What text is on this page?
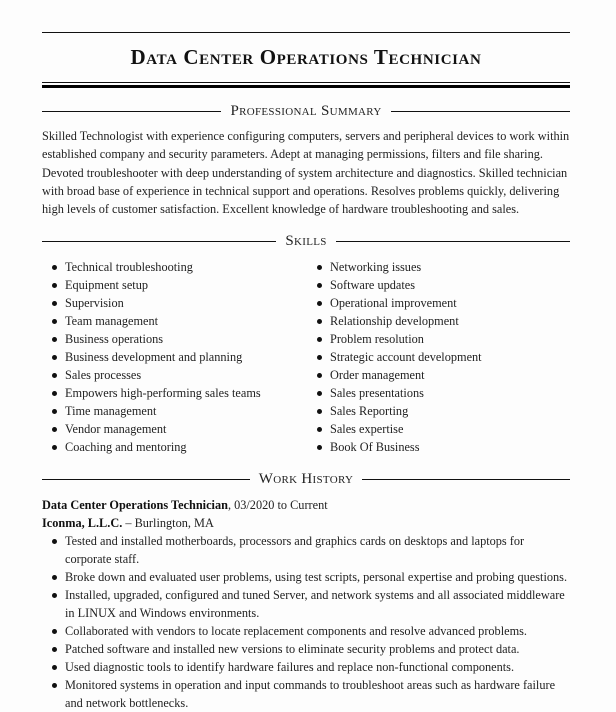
Data Center Operations Technician
Professional Summary
Skilled Technologist with experience configuring computers, servers and peripheral devices to work within established company and security parameters. Adept at managing permissions, filters and file sharing. Devoted troubleshooter with deep understanding of system architecture and diagnostics. Skilled technician with broad base of experience in technical support and operations. Resolves problems quickly, delivering high levels of customer satisfaction. Excellent knowledge of hardware troubleshooting and sales.
Skills
Technical troubleshooting
Equipment setup
Supervision
Team management
Business operations
Business development and planning
Sales processes
Empowers high-performing sales teams
Time management
Vendor management
Coaching and mentoring
Networking issues
Software updates
Operational improvement
Relationship development
Problem resolution
Strategic account development
Order management
Sales presentations
Sales Reporting
Sales expertise
Book Of Business
Work History
Data Center Operations Technician, 03/2020 to Current
Iconma, L.L.C. – Burlington, MA
Tested and installed motherboards, processors and graphics cards on desktops and laptops for corporate staff.
Broke down and evaluated user problems, using test scripts, personal expertise and probing questions.
Installed, upgraded, configured and tuned Server, and network systems and all associated middleware in LINUX and Windows environments.
Collaborated with vendors to locate replacement components and resolve advanced problems.
Patched software and installed new versions to eliminate security problems and protect data.
Used diagnostic tools to identify hardware failures and replace non-functional components.
Monitored systems in operation and input commands to troubleshoot areas such as hardware failure and network bottlenecks.
